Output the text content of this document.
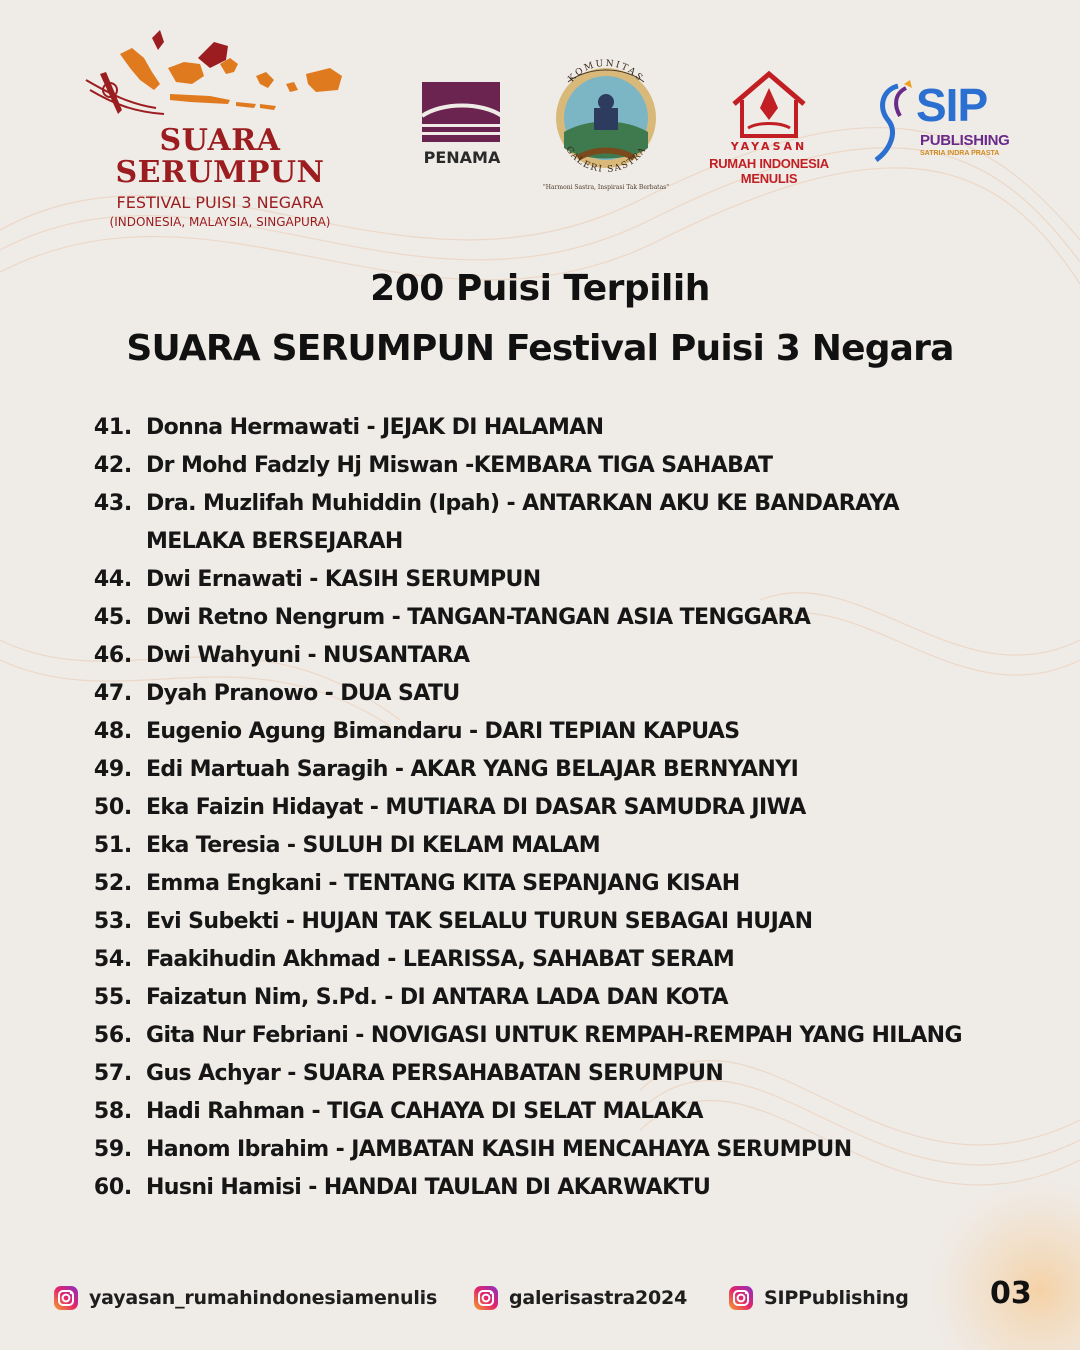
SUARA
SERUMPUN
FESTIVAL PUISI 3 NEGARA
(INDONESIA, MALAYSIA, SINGAPURA)
PENAMA
KOMUNITAS
GALERI SASTRA
"Harmoni Sastra, Inspirasi Tak Berbatas"
YAYASAN
RUMAH INDONESIA MENULIS
SIP
PUBLISHING
SATRIA INDRA PRASTA
200 Puisi Terpilih
SUARA SERUMPUN Festival Puisi 3 Negara
41. Donna Hermawati - JEJAK DI HALAMAN
42. Dr Mohd Fadzly Hj Miswan -KEMBARA TIGA SAHABAT
43. Dra. Muzlifah Muhiddin (Ipah) - ANTARKAN AKU KE BANDARAYA
MELAKA BERSEJARAH
44. Dwi Ernawati - KASIH SERUMPUN
45. Dwi Retno Nengrum - TANGAN-TANGAN ASIA TENGGARA
46. Dwi Wahyuni - NUSANTARA
47. Dyah Pranowo - DUA SATU
48. Eugenio Agung Bimandaru - DARI TEPIAN KAPUAS
49. Edi Martuah Saragih - AKAR YANG BELAJAR BERNYANYI
50. Eka Faizin Hidayat - MUTIARA DI DASAR SAMUDRA JIWA
51. Eka Teresia - SULUH DI KELAM MALAM
52. Emma Engkani - TENTANG KITA SEPANJANG KISAH
53. Evi Subekti - HUJAN TAK SELALU TURUN SEBAGAI HUJAN
54. Faakihudin Akhmad - LEARISSA, SAHABAT SERAM
55. Faizatun Nim, S.Pd. - DI ANTARA LADA DAN KOTA
56. Gita Nur Febriani - NOVIGASI UNTUK REMPAH-REMPAH YANG HILANG
57. Gus Achyar - SUARA PERSAHABATAN SERUMPUN
58. Hadi Rahman - TIGA CAHAYA DI SELAT MALAKA
59. Hanom Ibrahim - JAMBATAN KASIH MENCAHAYA SERUMPUN
60. Husni Hamisi - HANDAI TAULAN DI AKARWAKTU
yayasan_rumahindonesiamenulis	galerisastra2024	SIPPublishing	03
